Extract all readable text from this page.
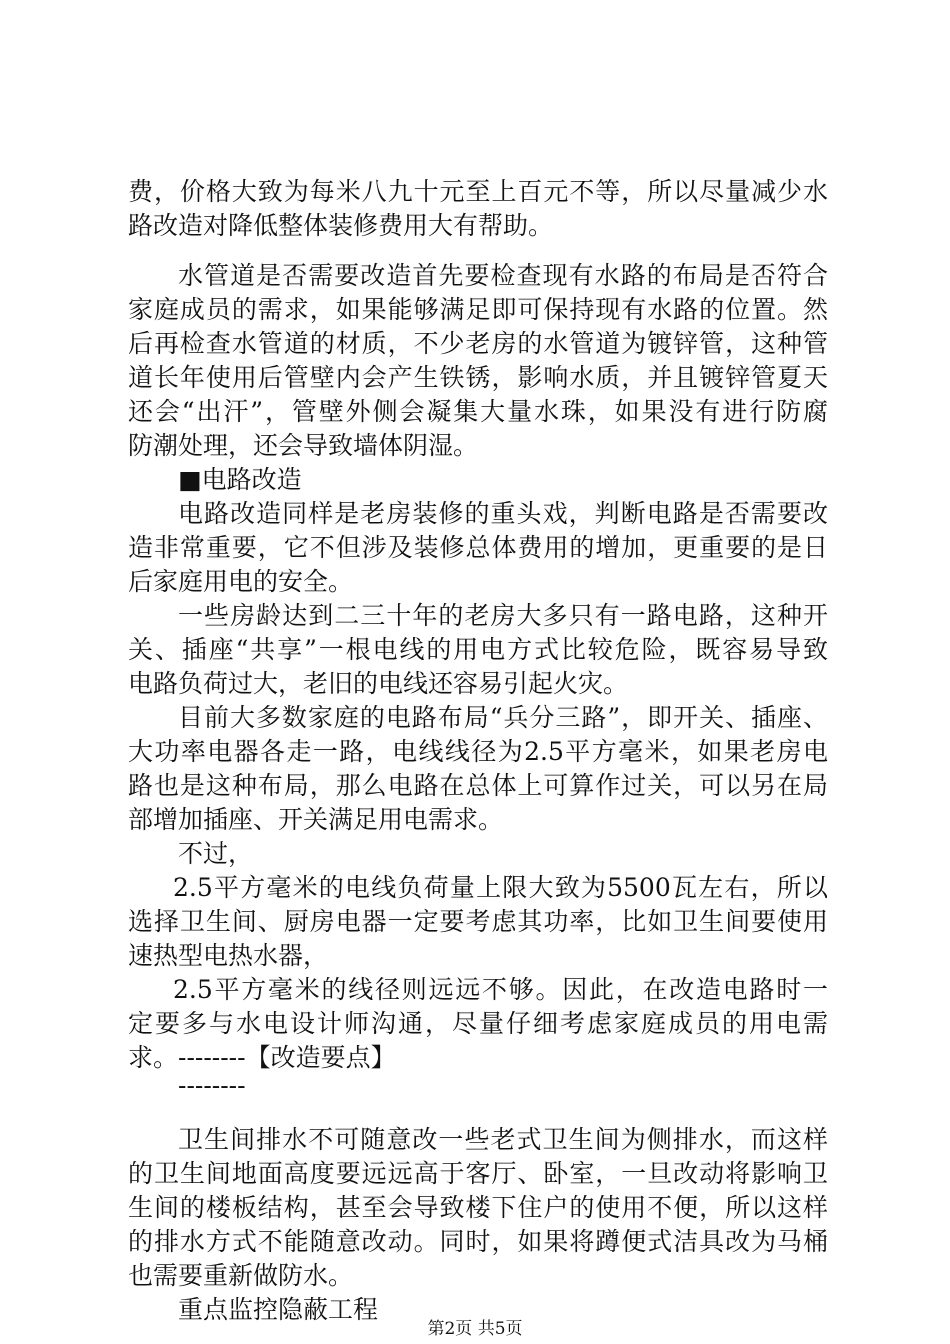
费，价格大致为每米八九十元至上百元不等，所以尽量减少水
路改造对降低整体装修费用大有帮助。
水管道是否需要改造首先要检查现有水路的布局是否符合
家庭成员的需求，如果能够满足即可保持现有水路的位置。然
后再检查水管道的材质，不少老房的水管道为镀锌管，这种管
道长年使用后管壁内会产生铁锈，影响水质，并且镀锌管夏天
还会“出汗”，管壁外侧会凝集大量水珠，如果没有进行防腐
防潮处理，还会导致墙体阴湿。
■电路改造
电路改造同样是老房装修的重头戏，判断电路是否需要改
造非常重要，它不但涉及装修总体费用的增加，更重要的是日
后家庭用电的安全。
一些房龄达到二三十年的老房大多只有一路电路，这种开
关、插座“共享”一根电线的用电方式比较危险，既容易导致
电路负荷过大，老旧的电线还容易引起火灾。
目前大多数家庭的电路布局“兵分三路”，即开关、插座、
大功率电器各走一路，电线线径为2.5平方毫米，如果老房电
路也是这种布局，那么电路在总体上可算作过关，可以另在局
部增加插座、开关满足用电需求。
不过，
2.5平方毫米的电线负荷量上限大致为5500瓦左右，所以
选择卫生间、厨房电器一定要考虑其功率，比如卫生间要使用
速热型电热水器，
2.5平方毫米的线径则远远不够。因此，在改造电路时一
定要多与水电设计师沟通，尽量仔细考虑家庭成员的用电需
求。--------【改造要点】
--------
卫生间排水不可随意改一些老式卫生间为侧排水，而这样
的卫生间地面高度要远远高于客厅、卧室，一旦改动将影响卫
生间的楼板结构，甚至会导致楼下住户的使用不便，所以这样
的排水方式不能随意改动。同时，如果将蹲便式洁具改为马桶
也需要重新做防水。
重点监控隐蔽工程
第2页 共5页
